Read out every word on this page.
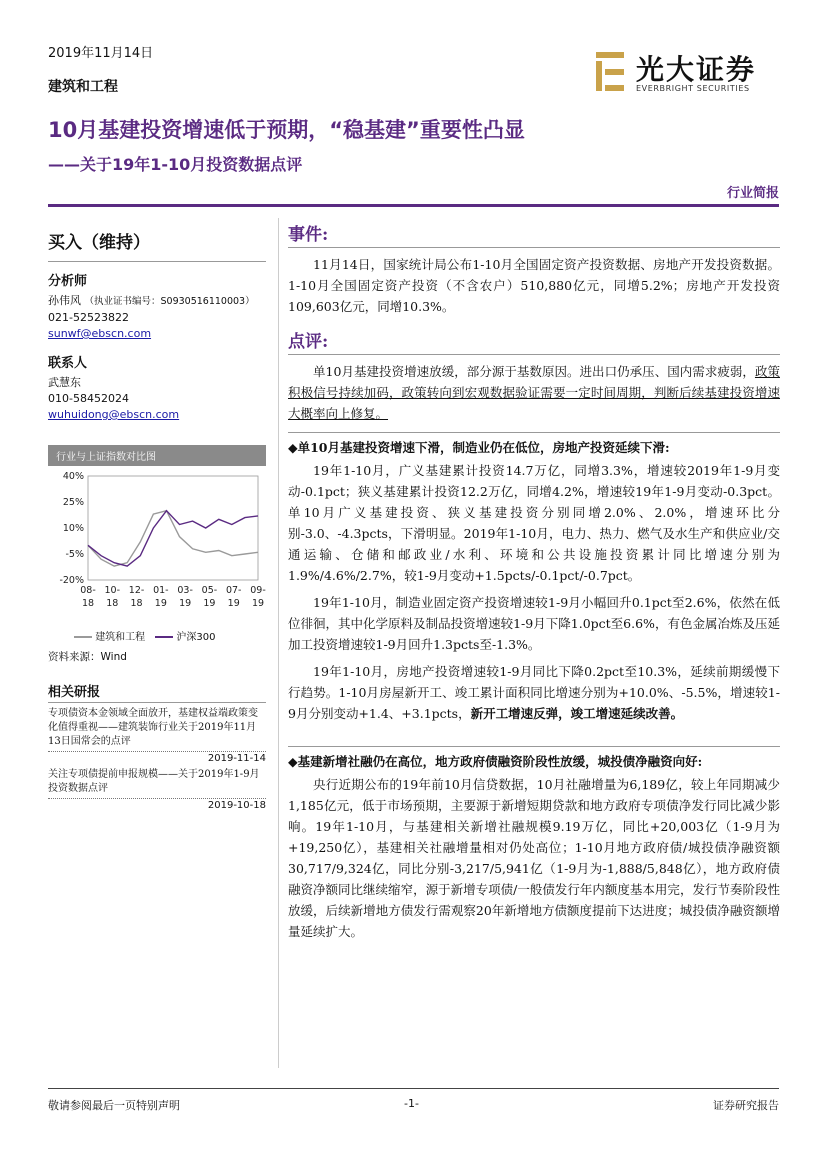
2019年11月14日
建筑和工程
光大证券
EVERBRIGHT SECURITIES
10月基建投资增速低于预期，“稳基建”重要性凸显
——关于19年1-10月投资数据点评
行业简报
买入（维持）
分析师
孙伟风 （执业证书编号：S0930516110003）
021-52523822
sunwf@ebscn.com
联系人
武慧东
010-58452024
wuhuidong@ebscn.com
行业与上证指数对比图
40%
25%
10%
-5%
-20%
08-
18
10-
18
12-
18
01-
19
03-
19
05-
19
07-
19
09-
19
建筑和工程	沪深300
资料来源：Wind
相关研报
专项债资本金领域全面放开，基建权益端政策变化值得重视——建筑装饰行业关于2019年11月13日国常会的点评
2019-11-14
关注专项债提前申报规模——关于2019年1-9月投资数据点评
2019-10-18
事件:

11月14日，国家统计局公布1-10月全国固定资产投资数据、房地产开发投资数据。1-10月全国固定资产投资（不含农户）510,880亿元，同增5.2%；房地产开发投资109,603亿元，同增10.3%。

点评:

单10月基建投资增速放缓，部分源于基数原因。进出口仍承压、国内需求疲弱，政策积极信号持续加码，政策转向到宏观数据验证需要一定时间周期，判断后续基建投资增速大概率向上修复。

◆单10月基建投资增速下滑，制造业仍在低位，房地产投资延续下滑:

19年1-10月，广义基建累计投资14.7万亿，同增3.3%，增速较2019年1-9月变动-0.1pct；狭义基建累计投资12.2万亿，同增4.2%，增速较19年1-9月变动-0.3pct。单10月广义基建投资、狭义基建投资分别同增2.0%、2.0%，增速环比分别-3.0、-4.3pcts，下滑明显。2019年1-10月，电力、热力、燃气及水生产和供应业/交通运输、仓储和邮政业/水利、环境和公共设施投资累计同比增速分别为1.9%/4.6%/2.7%，较1-9月变动+1.5pcts/-0.1pct/-0.7pct。

19年1-10月，制造业固定资产投资增速较1-9月小幅回升0.1pct至2.6%，依然在低位徘徊，其中化学原料及制品投资增速较1-9月下降1.0pct至6.6%，有色金属冶炼及压延加工投资增速较1-9月回升1.3pcts至-1.3%。

19年1-10月，房地产投资增速较1-9月同比下降0.2pct至10.3%，延续前期缓慢下行趋势。1-10月房屋新开工、竣工累计面积同比增速分别为+10.0%、-5.5%，增速较1-9月分别变动+1.4、+3.1pcts，新开工增速反弹，竣工增速延续改善。

◆基建新增社融仍在高位，地方政府债融资阶段性放缓，城投债净融资向好:

央行近期公布的19年前10月信贷数据，10月社融增量为6,189亿，较上年同期减少1,185亿元，低于市场预期，主要源于新增短期贷款和地方政府专项债净发行同比减少影响。19年1-10月，与基建相关新增社融规模9.19万亿，同比+20,003亿（1-9月为+19,250亿），基建相关社融增量相对仍处高位；1-10月地方政府债/城投债净融资额30,717/9,324亿，同比分别-3,217/5,941亿（1-9月为-1,888/5,848亿），地方政府债融资净额同比继续缩窄，源于新增专项债/一般债发行年内额度基本用完，发行节奏阶段性放缓，后续新增地方债发行需观察20年新增地方债额度提前下达进度；城投债净融资额增量延续扩大。

敬请参阅最后一页特别声明	-1-	证券研究报告
